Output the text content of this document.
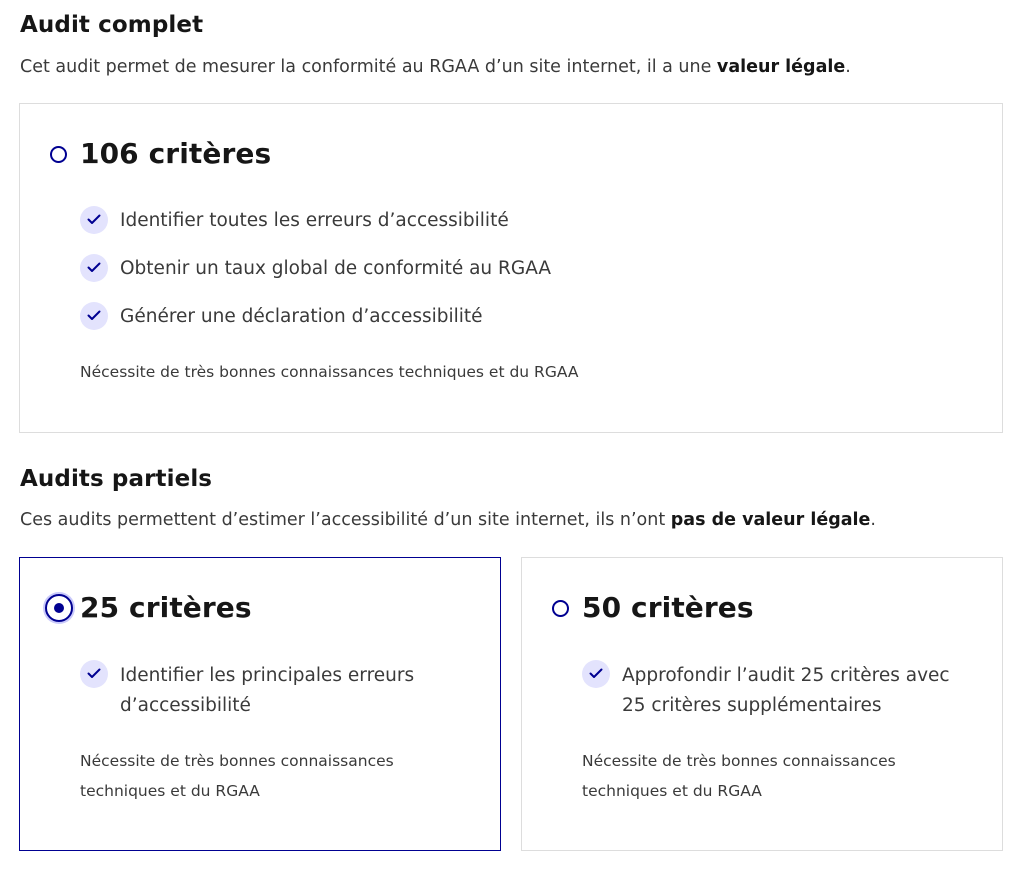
Audit complet
Cet audit permet de mesurer la conformité au RGAA d’un site internet, il a une valeur légale.
106 critères
Identifier toutes les erreurs d’accessibilité
Obtenir un taux global de conformité au RGAA
Générer une déclaration d’accessibilité
Nécessite de très bonnes connaissances techniques et du RGAA
Audits partiels
Ces audits permettent d’estimer l’accessibilité d’un site internet, ils n’ont pas de valeur légale.
25 critères
Identifier les principales erreurs
d’accessibilité
Nécessite de très bonnes connaissances
techniques et du RGAA
50 critères
Approfondir l’audit 25 critères avec
25 critères supplémentaires
Nécessite de très bonnes connaissances
techniques et du RGAA
